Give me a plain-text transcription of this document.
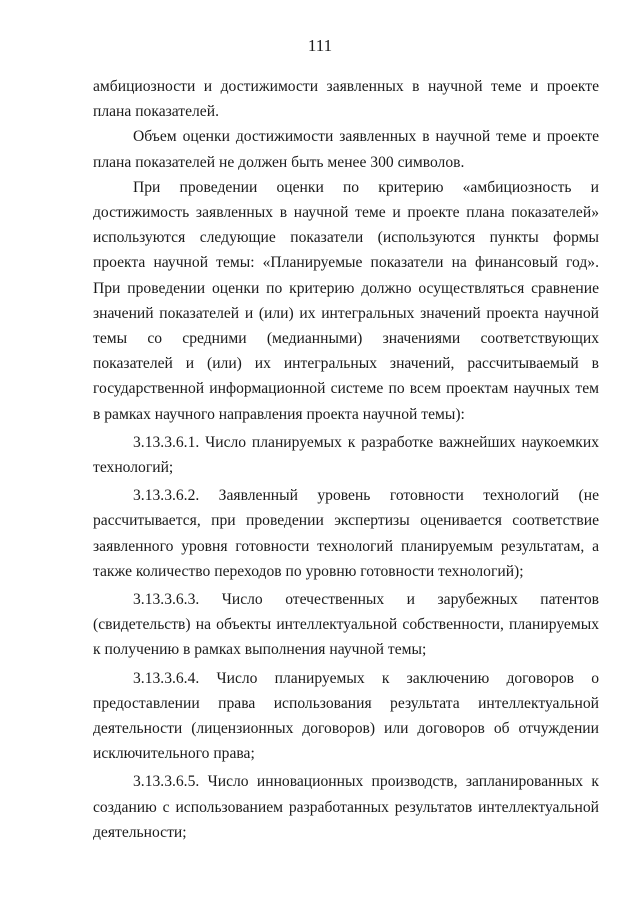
111

амбициозности и достижимости заявленных в научной теме и проекте плана показателей.

Объем оценки достижимости заявленных в научной теме и проекте плана показателей не должен быть менее 300 символов.

При проведении оценки по критерию «амбициозность и достижимость заявленных в научной теме и проекте плана показателей» используются следующие показатели (используются пункты формы проекта научной темы: «Планируемые показатели на финансовый год». При проведении оценки по критерию должно осуществляться сравнение значений показателей и (или) их интегральных значений проекта научной темы со средними (медианными) значениями соответствующих показателей и (или) их интегральных значений, рассчитываемый в государственной информационной системе по всем проектам научных тем в рамках научного направления проекта научной темы):

3.13.3.6.1. Число планируемых к разработке важнейших наукоемких технологий;

3.13.3.6.2. Заявленный уровень готовности технологий (не рассчитывается, при проведении экспертизы оценивается соответствие заявленного уровня готовности технологий планируемым результатам, а также количество переходов по уровню готовности технологий);

3.13.3.6.3. Число отечественных и зарубежных патентов (свидетельств) на объекты интеллектуальной собственности, планируемых к получению в рамках выполнения научной темы;

3.13.3.6.4. Число планируемых к заключению договоров о предоставлении права использования результата интеллектуальной деятельности (лицензионных договоров) или договоров об отчуждении исключительного права;

3.13.3.6.5. Число инновационных производств, запланированных к созданию с использованием разработанных результатов интеллектуальной деятельности;
